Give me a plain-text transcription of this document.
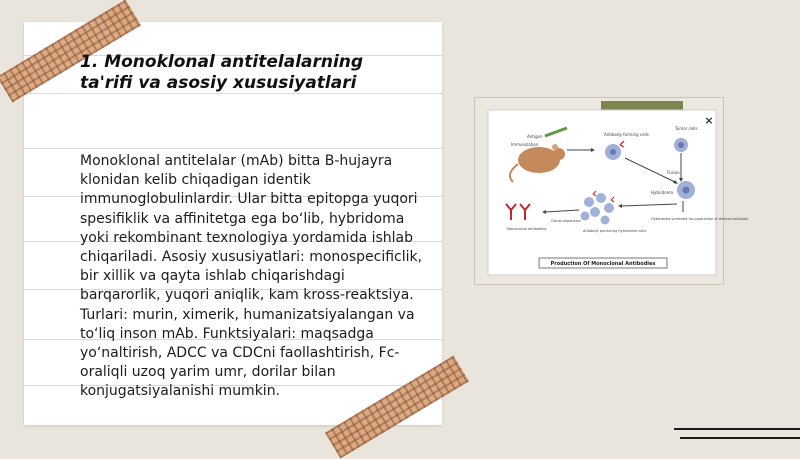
1. Monoklonal antitelalarning ta'rifi va asosiy xususiyatlari

Monoklonal antitelalar (mAb) bitta B-hujayra klonidan kelib chiqadigan identik immunoglobulinlardir. Ular bitta epitopga yuqori spesifiklik va affinitetga ega bo‘lib, hybridoma yoki rekombinant texnologiya yordamida ishlab chiqariladi. Asosiy xususiyatlari: monospecificlik, bir xillik va qayta ishlab chiqarishdagi barqarorlik, yuqori aniqlik, kam kross-reaktsiya. Turlari: murin, ximerik, humanizatsiyalangan va to‘liq inson mAb. Funktsiyalari: maqsadga yo‘naltirish, ADCC va CDCni faollashtirish, Fc-oraliqli uzoq yarim umr, dorilar bilan konjugatsiyalanishi mumkin.

×
Antigen
Immunization
Antibody forming cells
Tumor cells
Fusion
Hybridoma
Hybridoma screened for production of desired antibody
Antibody producing hybridoma cells
Clonal expansion
Monoclonal antibodies
Production Of Monoclonal Antibodies
